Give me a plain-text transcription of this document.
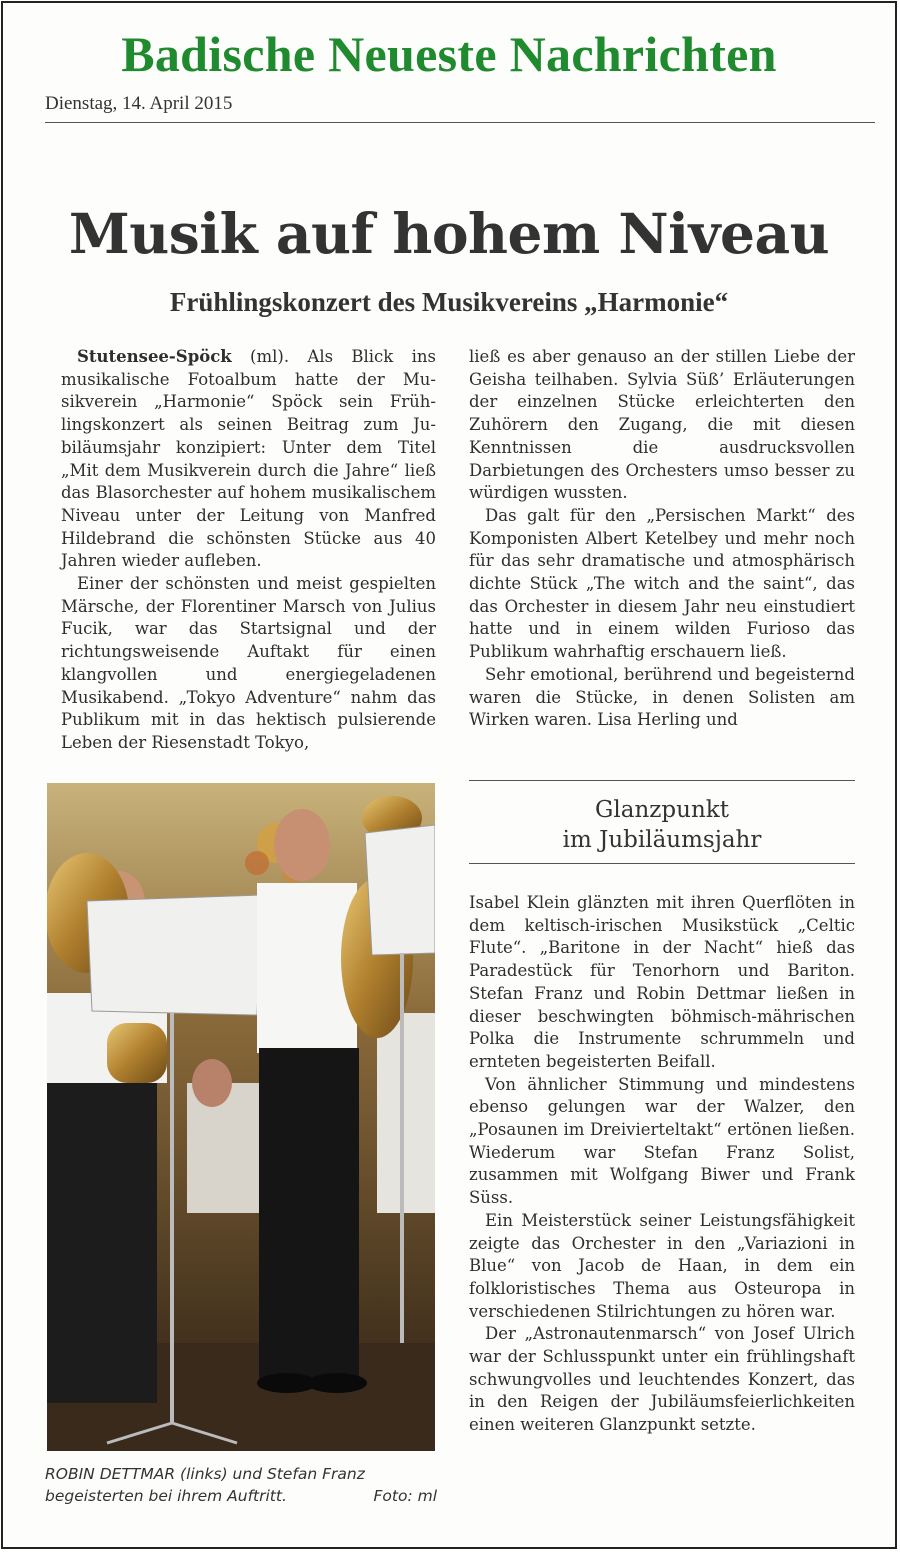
Badische Neueste Nachrichten
Dienstag, 14. April 2015
Musik auf hohem Niveau
Frühlingskonzert des Musikvereins „Harmonie“

Stutensee-Spöck (ml). Als Blick ins musikalische Fotoalbum hatte der Musikverein „Harmonie“ Spöck sein Frühlingskonzert als seinen Beitrag zum Jubiläumsjahr konzipiert: Unter dem Titel „Mit dem Musikverein durch die Jahre“ ließ das Blasorchester auf hohem musikalischem Niveau unter der Leitung von Manfred Hildebrand die schönsten Stücke aus 40 Jahren wieder aufleben.

Einer der schönsten und meist gespielten Märsche, der Florentiner Marsch von Julius Fucik, war das Startsignal und der richtungsweisende Auftakt für einen klangvollen und energiegeladenen Musikabend. „Tokyo Adventure“ nahm das Publikum mit in das hektisch pulsierende Leben der Riesenstadt Tokyo,

ließ es aber genauso an der stillen Liebe der Geisha teilhaben. Sylvia Süß’ Erläuterungen der einzelnen Stücke erleichterten den Zuhörern den Zugang, die mit diesen Kenntnissen die ausdrucksvollen Darbietungen des Orchesters umso besser zu würdigen wussten.

Das galt für den „Persischen Markt“ des Komponisten Albert Ketelbey und mehr noch für das sehr dramatische und atmosphärisch dichte Stück „The witch and the saint“, das das Orchester in diesem Jahr neu einstudiert hatte und in einem wilden Furioso das Publikum wahrhaftig erschauern ließ.

Sehr emotional, berührend und begeisternd waren die Stücke, in denen Solisten am Wirken waren. Lisa Herling und

Glanzpunkt
im Jubiläumsjahr

Isabel Klein glänzten mit ihren Querflöten in dem keltisch-irischen Musikstück „Celtic Flute“. „Baritone in der Nacht“ hieß das Paradestück für Tenorhorn und Bariton. Stefan Franz und Robin Dettmar ließen in dieser beschwingten böhmisch-mährischen Polka die Instrumente schrummeln und ernteten begeisterten Beifall.

Von ähnlicher Stimmung und mindestens ebenso gelungen war der Walzer, den „Posaunen im Dreivierteltakt“ ertönen ließen. Wiederum war Stefan Franz Solist, zusammen mit Wolfgang Biwer und Frank Süss.

Ein Meisterstück seiner Leistungsfähigkeit zeigte das Orchester in den „Variazioni in Blue“ von Jacob de Haan, in dem ein folkloristisches Thema aus Osteuropa in verschiedenen Stilrichtungen zu hören war.

Der „Astronautenmarsch“ von Josef Ulrich war der Schlusspunkt unter ein frühlingshaft schwungvolles und leuchtendes Konzert, das in den Reigen der Jubiläumsfeierlichkeiten einen weiteren Glanzpunkt setzte.

ROBIN DETTMAR (links) und Stefan Franz
begeisterten bei ihrem Auftritt.	Foto: ml
